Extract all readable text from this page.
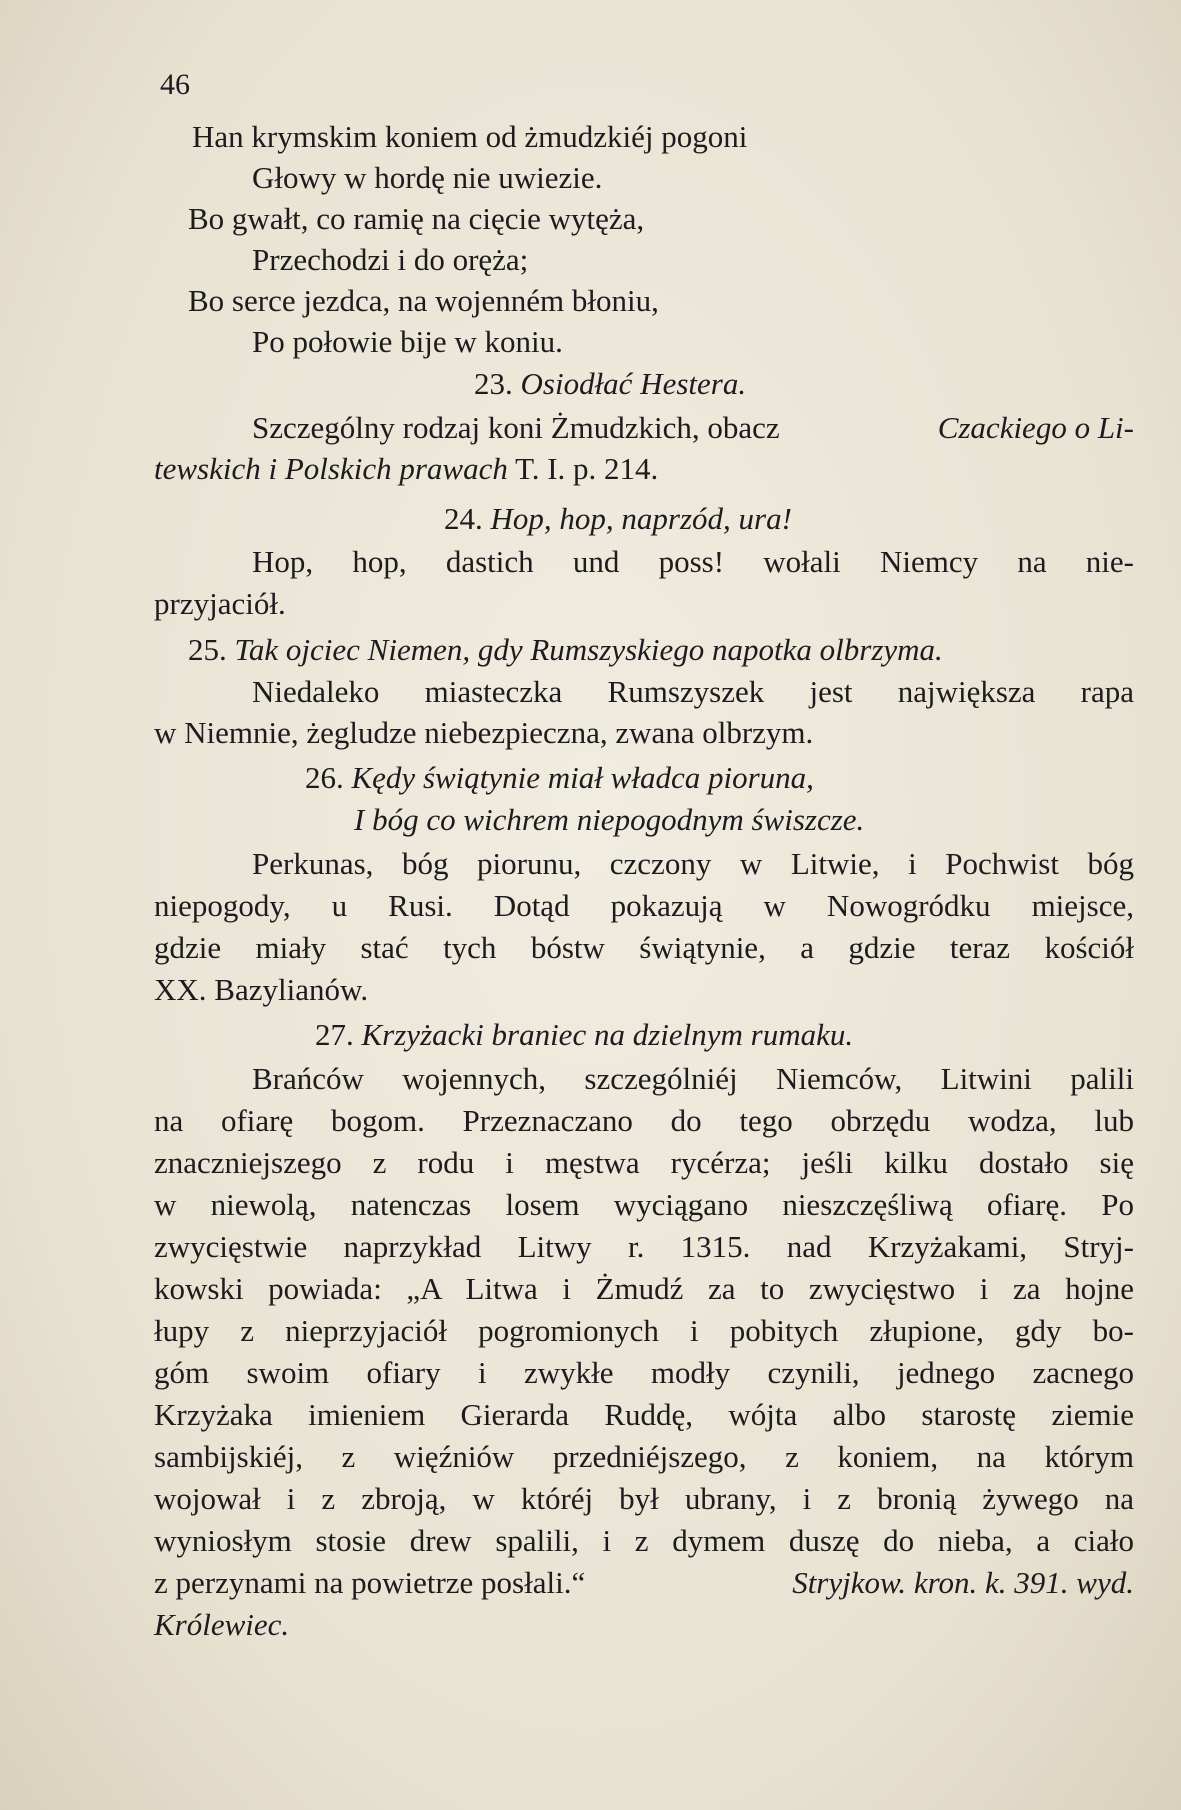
46
Han krymskim koniem od żmudzkiéj pogoni
Głowy w hordę nie uwiezie.
Bo gwałt, co ramię na cięcie wytęża,
Przechodzi i do oręża;
Bo serce jezdca, na wojenném błoniu,
Po połowie bije w koniu.
23. Osiodłać Hestera.
Szczególny rodzaj koni Żmudzkich, obacz	Czackiego o Li-
tewskich i Polskich prawach T. I. p. 214.
24. Hop, hop, naprzód, ura!
Hop, hop, dastich und poss! wołali Niemcy na nie-
przyjaciół.
25. Tak ojciec Niemen, gdy Rumszyskiego napotka olbrzyma.
Niedaleko miasteczka Rumszyszek jest największa rapa
w Niemnie, żegludze niebezpieczna, zwana olbrzym.
26. Kędy świątynie miał władca pioruna,
I bóg co wichrem niepogodnym świszcze.
Perkunas, bóg piorunu, czczony w Litwie, i Pochwist bóg
niepogody, u Rusi. Dotąd pokazują w Nowogródku miejsce,
gdzie miały stać tych bóstw świątynie, a gdzie teraz kościół
XX. Bazylianów.
27. Krzyżacki braniec na dzielnym rumaku.
Brańców wojennych, szczególniéj Niemców, Litwini palili
na ofiarę bogom. Przeznaczano do tego obrzędu wodza, lub
znaczniejszego z rodu i męstwa rycérza; jeśli kilku dostało się
w niewolą, natenczas losem wyciągano nieszczęśliwą ofiarę. Po
zwycięstwie naprzykład Litwy r. 1315. nad Krzyżakami, Stryj-
kowski powiada: „A Litwa i Żmudź za to zwycięstwo i za hojne
łupy z nieprzyjaciół pogromionych i pobitych złupione, gdy bo-
góm swoim ofiary i zwykłe modły czynili, jednego zacnego
Krzyżaka imieniem Gierarda Ruddę, wójta albo starostę ziemie
sambijskiéj, z więźniów przedniéjszego, z koniem, na którym
wojował i z zbroją, w któréj był ubrany, i z bronią żywego na
wyniosłym stosie drew spalili, i z dymem duszę do nieba, a ciało
z perzynami na powietrze posłali.“	Stryjkow. kron. k. 391. wyd.
Królewiec.
